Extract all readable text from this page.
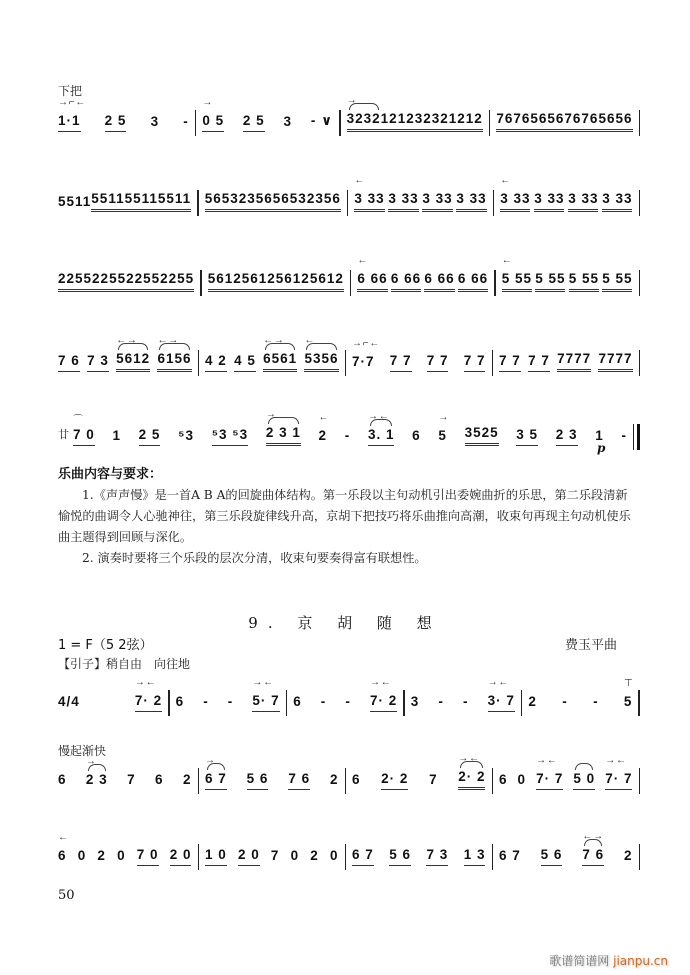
下把
1·1
→ ⌐ ←
2 5 3 - 0 5
→
2 5 3 - ∨ 3232
→
1212 3232 1212 7676 5656 7676 5656
5511 5511 5511 5511 5653 2356 5653 2356 3 33
←
3 33 3 33 3 33 3 33
←
3 33 3 33 3 33
2255 2255 2255 2255 5612 5612 5612 5612 6 66
←
6 66 6 66 6 66 5 55
←
5 55 5 55 5 55
7 6 7 3 5612
← →
6156
← →
4 2 4 5 6561
← →
5356
←
7·7
→ ⌐ ←
7 7 7 7 7 7 7 7 7 7 7777 7777
廿 7 0
⌒
1 2 5 ⁵3 ⁵3 ⁵3 2 3 1
→
2
←
- 3. 1
→ ←
6 5
→
3525 3 5 2 3 1 -
p
乐曲内容与要求：
1.《声声慢》是一首A B A的回旋曲体结构。第一乐段以主句动机引出委婉曲折的乐思，第二乐段清新愉悦的曲调令人心驰神往，第三乐段旋律线升高，京胡下把技巧将乐曲推向高潮，收束句再现主句动机使乐曲主题得到回顾与深化。
2. 演奏时要将三个乐段的层次分清，收束句要奏得富有联想性。
9. 京 胡 随 想
1 = F（5 2弦）	费玉平曲
【引子】稍自由　向往地
慢起渐快
4/4	7· 2
→ ←
6 - - 5· 7
→ ←
6 - - 7· 2
→ ←
3 - - 3· 7
→ ←
2 - - 5
⊤
6 2 3
→
7 6 2 6 7
→
5 6 7 6 2 6 2· 2 7 2· 2
→ ←
6 0 7· 7
→ ←
5 0 7· 7
→ ←
6
←
0 2 0 7 0 2 0 1 0 2 0 7 0 2 0 6 7 5 6 7 3 1 3 6 7 5 6 7 6
← →
2
50
歌谱简谱网 jianpu.cn
